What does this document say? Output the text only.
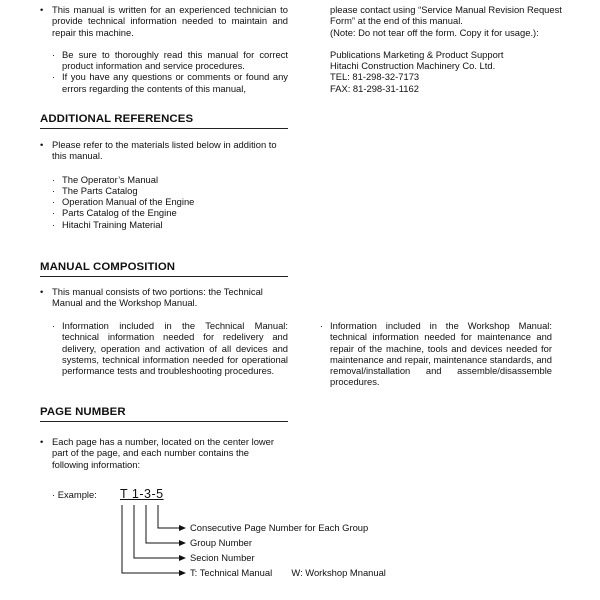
• This manual is written for an experienced technician to provide technical information needed to maintain and repair this machine.

· Be sure to thoroughly read this manual for correct product information and service procedures.

· If you have any questions or comments or found any errors regarding the contents of this manual,

please contact using “Service Manual Revision Request Form” at the end of this manual.

(Note: Do not tear off the form. Copy it for usage.):

Publications Marketing & Product Support

Hitachi Construction Machinery Co. Ltd.

TEL: 81-298-32-7173

FAX: 81-298-31-1162

ADDITIONAL REFERENCES

• Please refer to the materials listed below in addition to this manual.

· The Operator’s Manual

· The Parts Catalog

· Operation Manual of the Engine

· Parts Catalog of the Engine

· Hitachi Training Material

MANUAL COMPOSITION

• This manual consists of two portions: the Technical Manual and the Workshop Manual.

· Information included in the Technical Manual: technical information needed for redelivery and delivery, operation and activation of all devices and systems, technical information needed for operational performance tests and troubleshooting procedures.

· Information included in the Workshop Manual: technical information needed for maintenance and repair of the machine, tools and devices needed for maintenance and repair, maintenance standards, and removal/installation and assemble/disassemble procedures.

PAGE NUMBER

• Each page has a number, located on the center lower part of the page, and each number contains the following information:

· Example: T 1-3-5
Consecutive Page Number for Each Group
Group Number
Secion Number
T: Technical Manual W: Workshop Mnanual
